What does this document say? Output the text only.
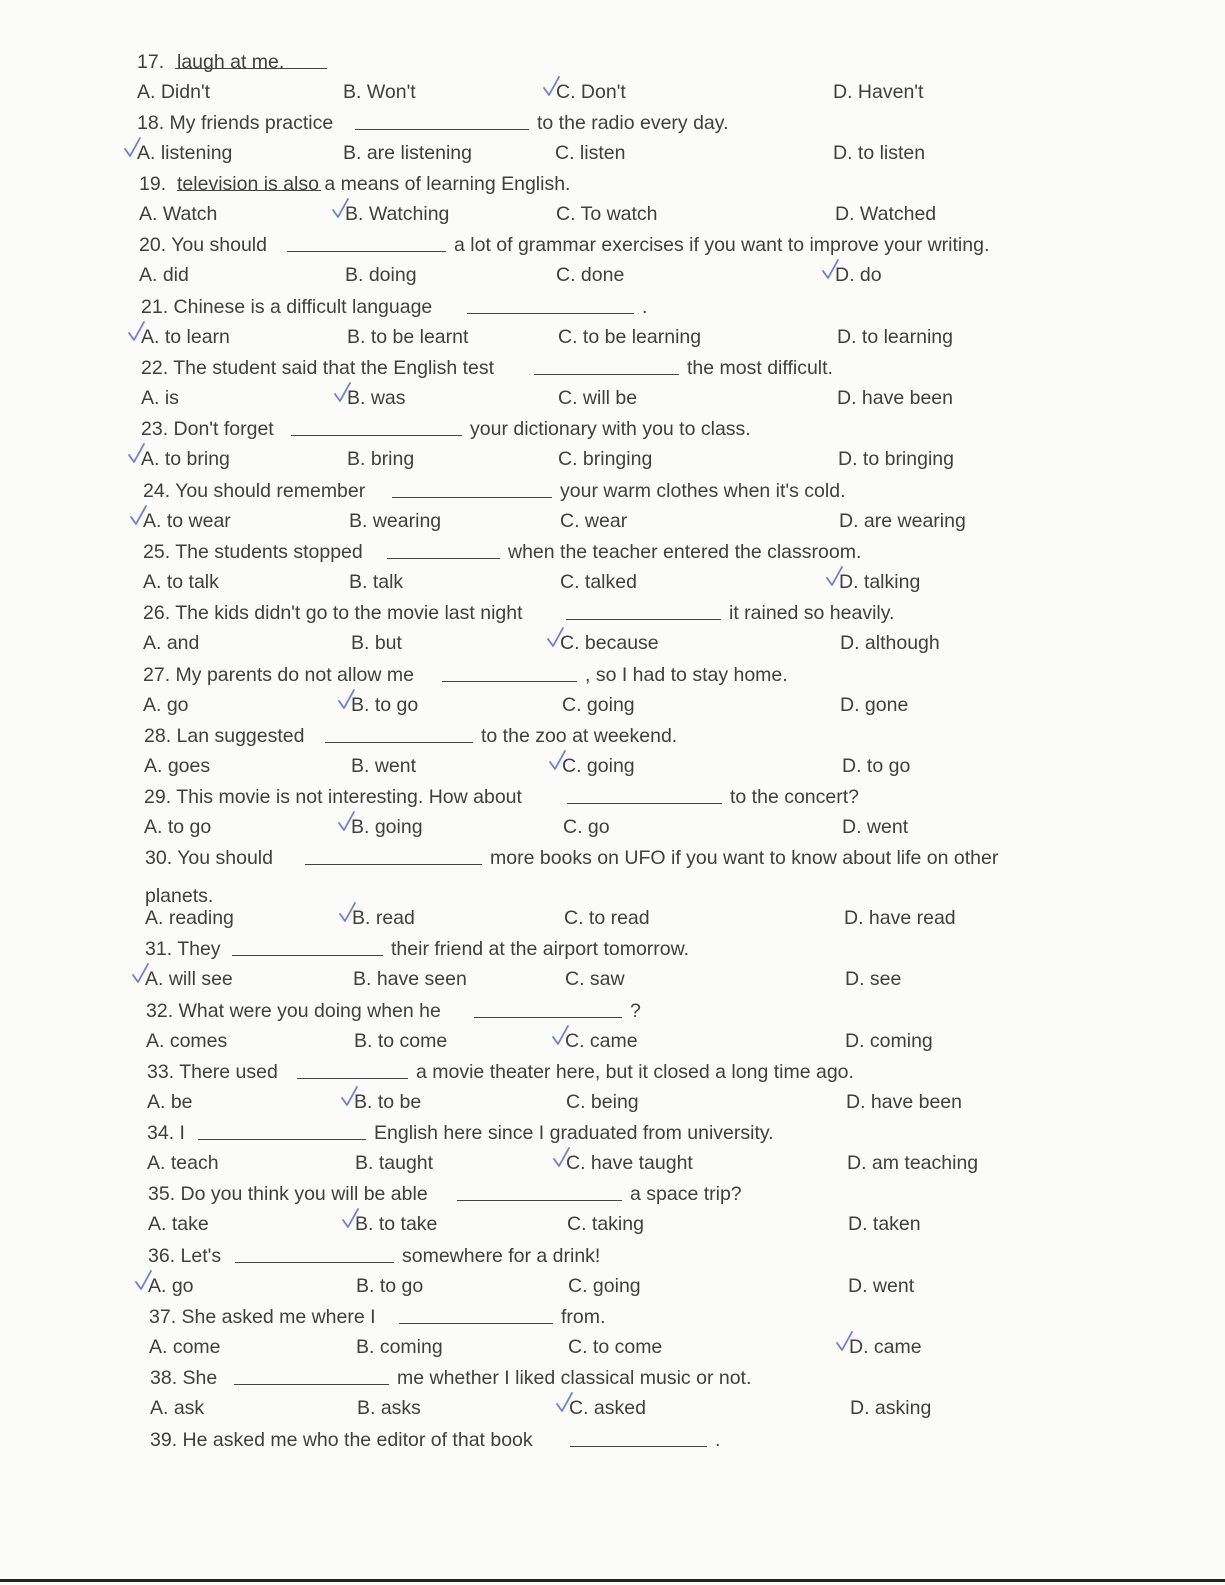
17. laugh at me.
A. Didn't	B. Won't	C. Don't	D. Haven't
18. My friends practice	to the radio every day.
A. listening	B. are listening	C. listen	D. to listen
19. television is also a means of learning English.
A. Watch	B. Watching	C. To watch	D. Watched
20. You should	a lot of grammar exercises if you want to improve your writing.
A. did	B. doing	C. done	D. do
21. Chinese is a difficult language	.
A. to learn	B. to be learnt	C. to be learning	D. to learning
22. The student said that the English test	the most difficult.
A. is	B. was	C. will be	D. have been
23. Don't forget	your dictionary with you to class.
A. to bring	B. bring	C. bringing	D. to bringing
24. You should remember	your warm clothes when it's cold.
A. to wear	B. wearing	C. wear	D. are wearing
25. The students stopped	when the teacher entered the classroom.
A. to talk	B. talk	C. talked	D. talking
26. The kids didn't go to the movie last night	it rained so heavily.
A. and	B. but	C. because	D. although
27. My parents do not allow me	, so I had to stay home.
A. go	B. to go	C. going	D. gone
28. Lan suggested	to the zoo at weekend.
A. goes	B. went	C. going	D. to go
29. This movie is not interesting. How about	to the concert?
A. to go	B. going	C. go	D. went
30. You should	more books on UFO if you want to know about life on other
planets.
A. reading	B. read	C. to read	D. have read
31. They	their friend at the airport tomorrow.
A. will see	B. have seen	C. saw	D. see
32. What were you doing when he	?
A. comes	B. to come	C. came	D. coming
33. There used	a movie theater here, but it closed a long time ago.
A. be	B. to be	C. being	D. have been
34. I	English here since I graduated from university.
A. teach	B. taught	C. have taught	D. am teaching
35. Do you think you will be able	a space trip?
A. take	B. to take	C. taking	D. taken
36. Let's	somewhere for a drink!
A. go	B. to go	C. going	D. went
37. She asked me where I	from.
A. come	B. coming	C. to come	D. came
38. She	me whether I liked classical music or not.
A. ask	B. asks	C. asked	D. asking
39. He asked me who the editor of that book	.
